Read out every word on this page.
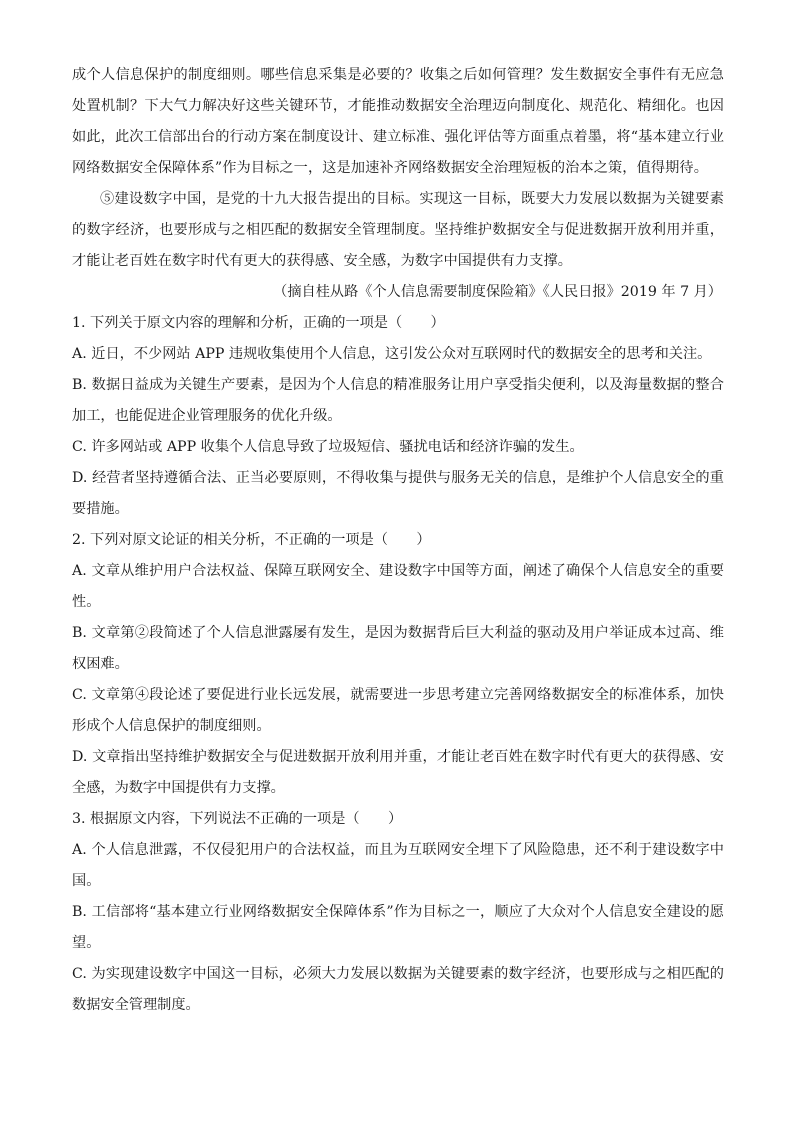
成个人信息保护的制度细则。哪些信息采集是必要的？收集之后如何管理？发生数据安全事件有无应急处置机制？下大气力解决好这些关键环节，才能推动数据安全治理迈向制度化、规范化、精细化。也因如此，此次工信部出台的行动方案在制度设计、建立标准、强化评估等方面重点着墨，将“基本建立行业网络数据安全保障体系”作为目标之一，这是加速补齐网络数据安全治理短板的治本之策，值得期待。

⑤建设数字中国，是党的十九大报告提出的目标。实现这一目标，既要大力发展以数据为关键要素的数字经济，也要形成与之相匹配的数据安全管理制度。坚持维护数据安全与促进数据开放利用并重，才能让老百姓在数字时代有更大的获得感、安全感，为数字中国提供有力支撑。

（摘自桂从路《个人信息需要制度保险箱》《人民日报》2019 年 7 月）

1. 下列关于原文内容的理解和分析，正确的一项是（　　）

A. 近日，不少网站 APP 违规收集使用个人信息，这引发公众对互联网时代的数据安全的思考和关注。

B. 数据日益成为关键生产要素，是因为个人信息的精准服务让用户享受指尖便利，以及海量数据的整合加工，也能促进企业管理服务的优化升级。

C. 许多网站或 APP 收集个人信息导致了垃圾短信、骚扰电话和经济诈骗的发生。

D. 经营者坚持遵循合法、正当必要原则，不得收集与提供与服务无关的信息，是维护个人信息安全的重要措施。

2. 下列对原文论证的相关分析，不正确的一项是（　　）

A. 文章从维护用户合法权益、保障互联网安全、建设数字中国等方面，阐述了确保个人信息安全的重要性。

B. 文章第②段简述了个人信息泄露屡有发生，是因为数据背后巨大利益的驱动及用户举证成本过高、维权困难。

C. 文章第④段论述了要促进行业长远发展，就需要进一步思考建立完善网络数据安全的标准体系，加快形成个人信息保护的制度细则。

D. 文章指出坚持维护数据安全与促进数据开放利用并重，才能让老百姓在数字时代有更大的获得感、安全感，为数字中国提供有力支撑。

3. 根据原文内容，下列说法不正确的一项是（　　）

A. 个人信息泄露，不仅侵犯用户的合法权益，而且为互联网安全埋下了风险隐患，还不利于建设数字中国。

B. 工信部将“基本建立行业网络数据安全保障体系”作为目标之一，顺应了大众对个人信息安全建设的愿望。

C. 为实现建设数字中国这一目标，必须大力发展以数据为关键要素的数字经济，也要形成与之相匹配的数据安全管理制度。
